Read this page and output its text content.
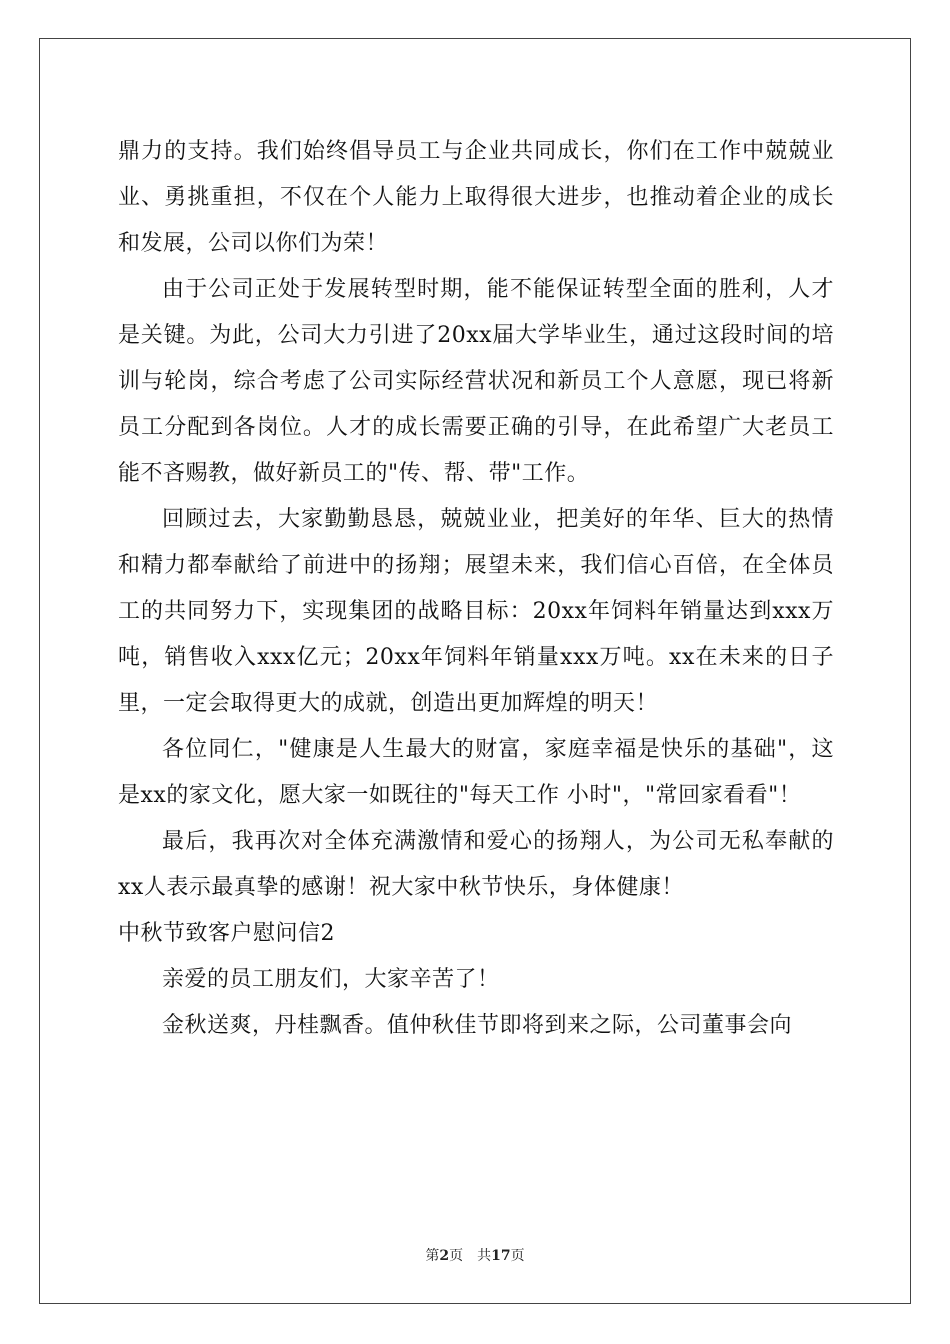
鼎力的支持。我们始终倡导员工与企业共同成长，你们在工作中兢兢业业、勇挑重担，不仅在个人能力上取得很大进步，也推动着企业的成长和发展，公司以你们为荣！

由于公司正处于发展转型时期，能不能保证转型全面的胜利，人才是关键。为此，公司大力引进了20xx届大学毕业生，通过这段时间的培训与轮岗，综合考虑了公司实际经营状况和新员工个人意愿，现已将新员工分配到各岗位。人才的成长需要正确的引导，在此希望广大老员工能不吝赐教，做好新员工的"传、帮、带"工作。

回顾过去，大家勤勤恳恳，兢兢业业，把美好的年华、巨大的热情和精力都奉献给了前进中的扬翔；展望未来，我们信心百倍，在全体员工的共同努力下，实现集团的战略目标：20xx年饲料年销量达到xxx万吨，销售收入xxx亿元；20xx年饲料年销量xxx万吨。xx在未来的日子里，一定会取得更大的成就，创造出更加辉煌的明天！

各位同仁，"健康是人生最大的财富，家庭幸福是快乐的基础"，这是xx的家文化，愿大家一如既往的"每天工作 小时"，"常回家看看"！

最后，我再次对全体充满激情和爱心的扬翔人，为公司无私奉献的xx人表示最真挚的感谢！祝大家中秋节快乐，身体健康！

中秋节致客户慰问信2

亲爱的员工朋友们，大家辛苦了！

金秋送爽，丹桂飘香。值仲秋佳节即将到来之际，公司董事会向

第2页 共17页
